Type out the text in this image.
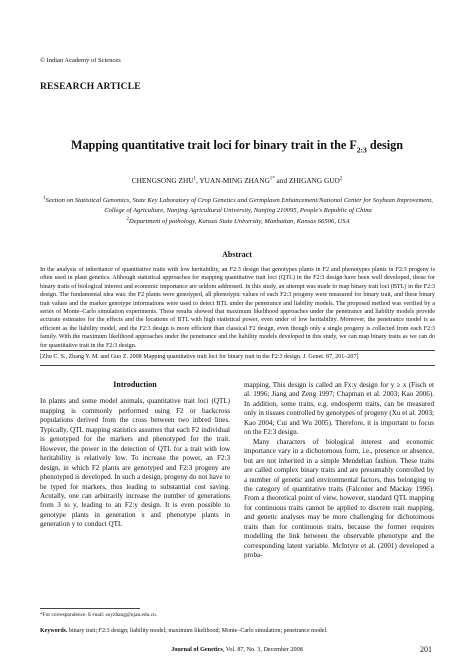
© Indian Academy of Sciences
RESEARCH ARTICLE
Mapping quantitative trait loci for binary trait in the $F_{2:3}$ design
CHENGSONG ZHU$^1$, YUAN-MING $ZHANG^{1*}$ and ZHIGANG GUO$^2$
$^1$Section on Statistical Genomics, State Key Laboratory of Crop Genetics and Germplasm Enhancement/National Center for Soybean Improvement, College of Agriculture, Nanjing Agricultural University, Nanjing 210095, People's Republic of China
$^2$Department of pathology, Kansas State University, Manhattan, Kansas 66506, USA
Abstract
In the analysis of inheritance of quantitative traits with low heritability, an F2:3 design that genotypes plants in F2 and phenotypes plants in F2:3 progeny is often used in plant genetics. Although statistical approaches for mapping quantitative trait loci (QTL) in the F2:3 design have been well developed, those for binary traits of biological interest and economic importance are seldom addressed. In this study, an attempt was made to map binary trait loci (BTL) in the F2:3 design. The fundamental idea was: the F2 plants were genotyped, all phenotypic values of each F2:3 progeny were measured for binary trait, and these binary trait values and the marker genotype informations were used to detect BTL under the penetrance and liability models. The proposed method was verified by a series of Monte–Carlo simulation experiments. These results showed that maximum likelihood approaches under the penetrance and liability models provide accurate estimates for the effects and the locations of BTL with high statistical power, even under of low heritability. Moreover, the penetrance model is as efficient as the liability model, and the F2:3 design is more efficient than classical F2 design, even though only a single progeny is collected from each F2:3 family. With the maximum likelihood approaches under the penetrance and the liability models developed in this study, we can map binary traits as we can do for quantitative trait in the F2:3 design.
[Zhu C. S., Zhang Y. M. and Guo Z. 2008 Mapping quantitative trait loci for binary trait in the F2:3 design. J. Genet. 87, 201–207]
Introduction

In plants and some model animals, quantitative trait loci (QTL) mapping is commonly performed using F2 or backcross populations derived from the cross between two inbred lines. Typically, QTL mapping statistics assumes that each F2 individual is genotyped for the markers and phenotyped for the trait. However, the power in the detection of QTL for a trait with low heritability is relatively low. To increase the power, an F2:3 design, in which F2 plants are genotyped and F2:3 progeny are phenotyped is developed. In such a design, progeny do not have to be typed for markers, thus leading to substantial cost saving. Acutally, one can arbitrarily increase the number of generations from 3 to y, leading to an F2:y design. It is even possible to genotype plants in generation x and phenotype plants in generation y to conduct QTL

mapping. This design is called an Fx:y design for y ≥ x (Fisch et al. 1996; Jiang and Zeng 1997; Chapman et al. 2003; Kao 2006). In addition, some traits, e.g. endosperm traits, can be measured only in tissues controlled by genotypes of progeny (Xu et al. 2003; Kao 2004; Cui and Wu 2005). Therefore, it is important to focus on the F2:3 design.

Many characters of biological interest and economic importance vary in a dichotomous form, i.e., presence or absence, but are not inherited in a simple Mendelian fashion. These traits are called complex binary traits and are presumably controlled by a number of genetic and environmental factors, thus belonging to the category of quantitative traits (Falconer and Mackay 1996). From a theoretical point of view, however, standard QTL mapping for continuous traits cannot be applied to discrete trait mapping, and genetic analyses may be more challenging for dichotomous traits than for continuous traits, because the former requires modelling the link between the observable phenotype and the corresponding latent variable. McIntyre et al. (2001) developed a proba-

*For correspondence. E-mail: soyzhang@njau.edu.cn.
Keywords. binary trait; F2:3 design; liability model; maximum likelihood; Monte–Carlo simulation; penetrance model.
Journal of Genetics, Vol. 87, No. 3, December 2008	201
